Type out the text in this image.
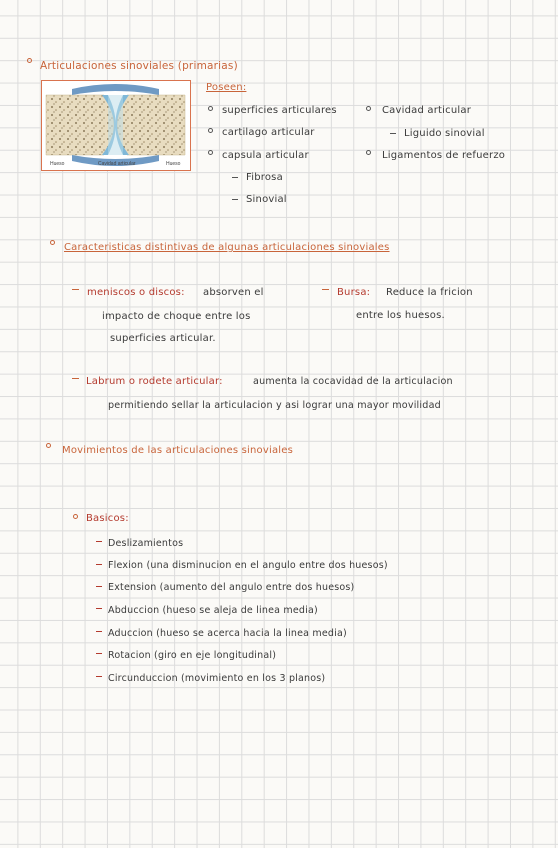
Articulaciones sinoviales (primarias)
Hueso	Cavidad articular	Hueso
Poseen:
superficies articulares
cartilago articular
capsula articular
Fibrosa
Sinovial
Cavidad articular
Liguido sinovial
Ligamentos de refuerzo
Caracteristicas distintivas de algunas articulaciones sinoviales
meniscos o discos: absorven el
impacto de choque entre los
superficies articular.
Bursa: Reduce la fricion
entre los huesos.
Labrum o rodete articular:	aumenta la cocavidad de la articulacion
permitiendo sellar la articulacion y asi lograr una mayor movilidad
Movimientos de las articulaciones sinoviales
Basicos:
Deslizamientos
Flexion (una disminucion en el angulo entre dos huesos)
Extension (aumento del angulo entre dos huesos)
Abduccion (hueso se aleja de linea media)
Aduccion (hueso se acerca hacia la linea media)
Rotacion (giro en eje longitudinal)
Circunduccion (movimiento en los 3 planos)
